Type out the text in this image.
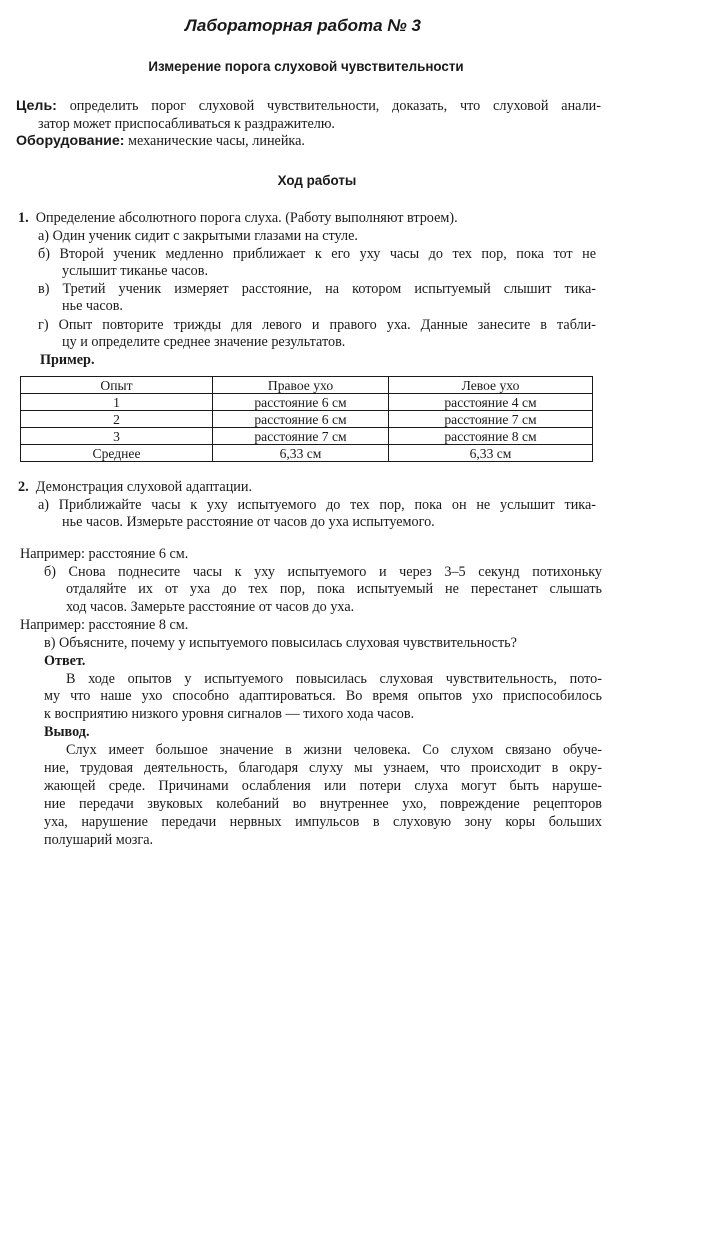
Лабораторная работа № 3
Измерение порога слуховой чувствительности
Цель: определить порог слуховой чувствительности, доказать, что слуховой анали-
затор может приспосабливаться к раздражителю.
Оборудование: механические часы, линейка.
Ход работы
1. Определение абсолютного порога слуха. (Работу выполняют втроем).
а) Один ученик сидит с закрытыми глазами на стуле.
б) Второй ученик медленно приближает к его уху часы до тех пор, пока тот не
услышит тиканье часов.
в) Третий ученик измеряет расстояние, на котором испытуемый слышит тика-
нье часов.
г) Опыт повторите трижды для левого и правого уха. Данные занесите в табли-
цу и определите среднее значение результатов.
Пример.
Опыт	Правое ухо	Левое ухо
1	расстояние 6 см	расстояние 4 см
2	расстояние 6 см	расстояние 7 см
3	расстояние 7 см	расстояние 8 см
Среднее	6,33 см	6,33 см
2. Демонстрация слуховой адаптации.
а) Приближайте часы к уху испытуемого до тех пор, пока он не услышит тика-
нье часов. Измерьте расстояние от часов до уха испытуемого.
Например: расстояние 6 см.
б) Снова поднесите часы к уху испытуемого и через 3–5 секунд потихоньку
отдаляйте их от уха до тех пор, пока испытуемый не перестанет слышать
ход часов. Замерьте расстояние от часов до уха.
Например: расстояние 8 см.
в) Объясните, почему у испытуемого повысилась слуховая чувствительность?
Ответ.
В ходе опытов у испытуемого повысилась слуховая чувствительность, пото-
му что наше ухо способно адаптироваться. Во время опытов ухо приспособилось
к восприятию низкого уровня сигналов — тихого хода часов.
Вывод.
Слух имеет большое значение в жизни человека. Со слухом связано обуче-
ние, трудовая деятельность, благодаря слуху мы узнаем, что происходит в окру-
жающей среде. Причинами ослабления или потери слуха могут быть наруше-
ние передачи звуковых колебаний во внутреннее ухо, повреждение рецепторов
уха, нарушение передачи нервных импульсов в слуховую зону коры больших
полушарий мозга.
